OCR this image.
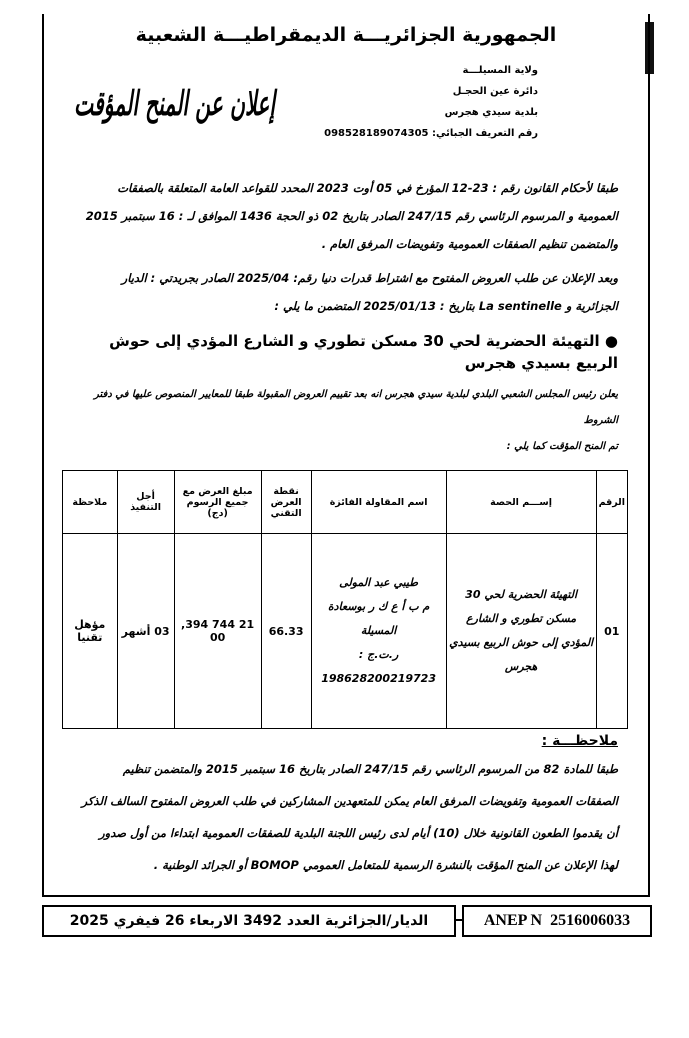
الجمهورية الجزائريـــة الديمقراطيـــة الشعبية
ولاية المسيلـــة
دائرة عين الحجـل
بلدية سيدي هجرس
رقم التعريف الجبائي: 098528189074305
إعلان عن المنح المؤقت
طبقا لأحكام القانون رقم : 23-12 المؤرخ في 05 أوت 2023 المحدد للقواعد العامة المتعلقة بالصفقات العمومية و المرسوم الرئاسي رقم 247/15 الصادر بتاريخ 02 ذو الحجة 1436 الموافق لـ : 16 سبتمبر 2015 والمتضمن تنظيم الصفقات العمومية وتفويضات المرفق العام .
وبعد الإعلان عن طلب العروض المفتوح مع اشتراط قدرات دنيا رقم: 2025/04 الصادر بجريدتي : الديار الجزائرية و La sentinelle بتاريخ : 2025/01/13 المتضمن ما يلي :
● التهيئة الحضرية لحي 30 مسكن تطوري و الشارع المؤدي إلى حوش الربيع بسيدي هجرس
يعلن رئيس المجلس الشعبي البلدي لبلدية سيدي هجرس انه بعد تقييم العروض المقبولة طبقا للمعايير المنصوص عليها في دفتر الشروط
تم المنح المؤقت كما يلي :
الرقم	إســـم الحصة	اسم المقاولة الفائزة	نقطة العرض التقني	مبلغ العرض مع جميع الرسوم (دج)	أجل التنفيذ	ملاحظة
01	التهيئة الحضرية لحي 30 مسكن تطوري و الشارع المؤدي إلى حوش الربيع بسيدي هجرس	طيبي عبد المولى
م ب أ ع ك ر بوسعادة المسيلة
ر.ت.ج : 198628200219723	66.33	21 744 394, 00	03 أشهر	مؤهل تقنيا
ملاحظـــة :
طبقا للمادة 82 من المرسوم الرئاسي رقم 247/15 الصادر بتاريخ 16 سبتمبر 2015 والمتضمن تنظيم الصفقات العمومية وتفويضات المرفق العام يمكن للمتعهدين المشاركين في طلب العروض المفتوح السالف الذكر أن يقدموا الطعون القانونية خلال (10) أيام لدى رئيس اللجنة البلدية للصفقات العمومية ابتداءا من أول صدور لهذا الإعلان عن المنح المؤقت بالنشرة الرسمية للمتعامل العمومي BOMOP أو الجرائد الوطنية .
الديار/الجزائرية العدد 3492 الاربعاء 26 فيفري 2025	ANEP N
2516006033
